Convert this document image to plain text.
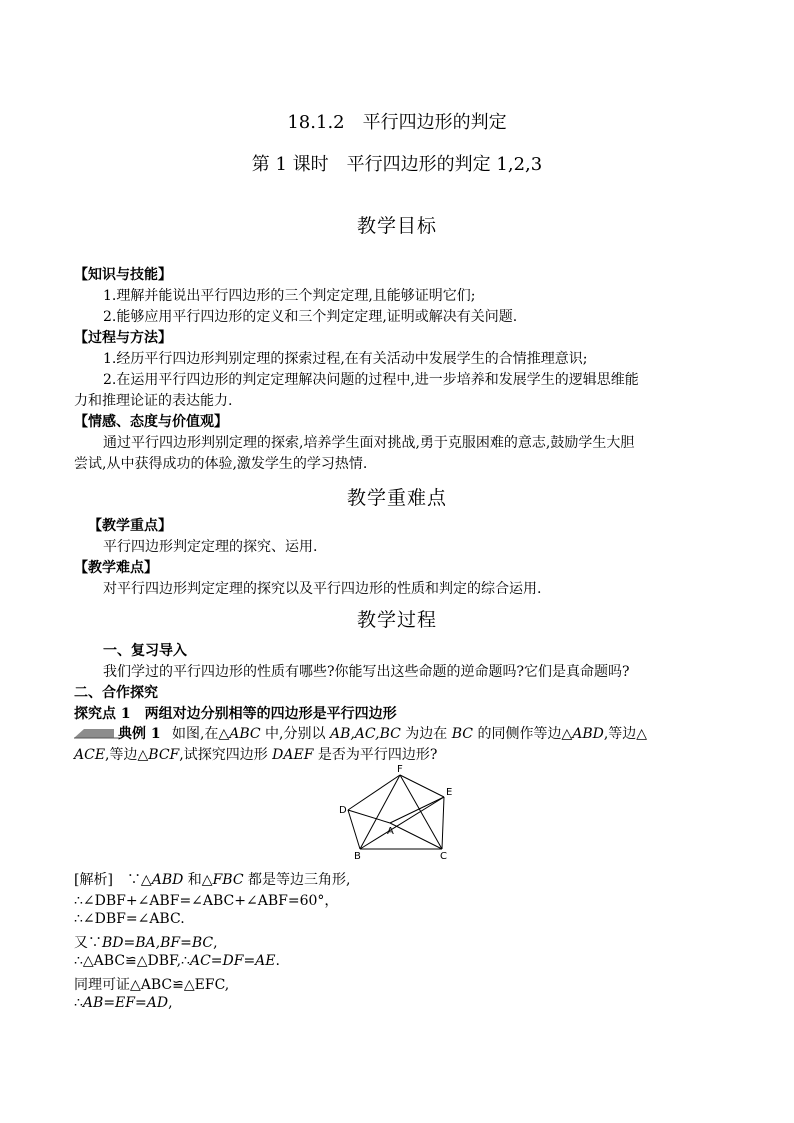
18.1.2　平行四边形的判定
第 1 课时　平行四边形的判定 1,2,3
教学目标
【知识与技能】
1.理解并能说出平行四边形的三个判定定理,且能够证明它们;
2.能够应用平行四边形的定义和三个判定定理,证明或解决有关问题.
【过程与方法】
1.经历平行四边形判别定理的探索过程,在有关活动中发展学生的合情推理意识;
2.在运用平行四边形的判定定理解决问题的过程中,进一步培养和发展学生的逻辑思维能
力和推理论证的表达能力.
【情感、态度与价值观】
通过平行四边形判别定理的探索,培养学生面对挑战,勇于克服困难的意志,鼓励学生大胆
尝试,从中获得成功的体验,激发学生的学习热情.
教学重难点
【教学重点】
平行四边形判定定理的探究、运用.
【教学难点】
对平行四边形判定定理的探究以及平行四边形的性质和判定的综合运用.
教学过程
一、复习导入
我们学过的平行四边形的性质有哪些?你能写出这些命题的逆命题吗?它们是真命题吗?
二、合作探究
探究点 1　 两组对边分别相等的四边形是平行四边形
典例 1 如图,在△ABC 中,分别以 AB,AC,BC 为边在 BC 的同侧作等边△ABD,等边△
ACE,等边△BCF,试探究四边形 DAEF 是否为平行四边形?
D
F
E
A
B	C
[解析]　 ∵△ABD 和△FBC 都是等边三角形,
∴∠DBF+∠ABF=∠ABC+∠ABF=60°，
∴∠DBF=∠ABC.
又∵BD=BA,BF=BC,
∴△ABC≌△DBF,∴AC=DF=AE.
同理可证△ABC≌△EFC,
∴AB=EF=AD,
